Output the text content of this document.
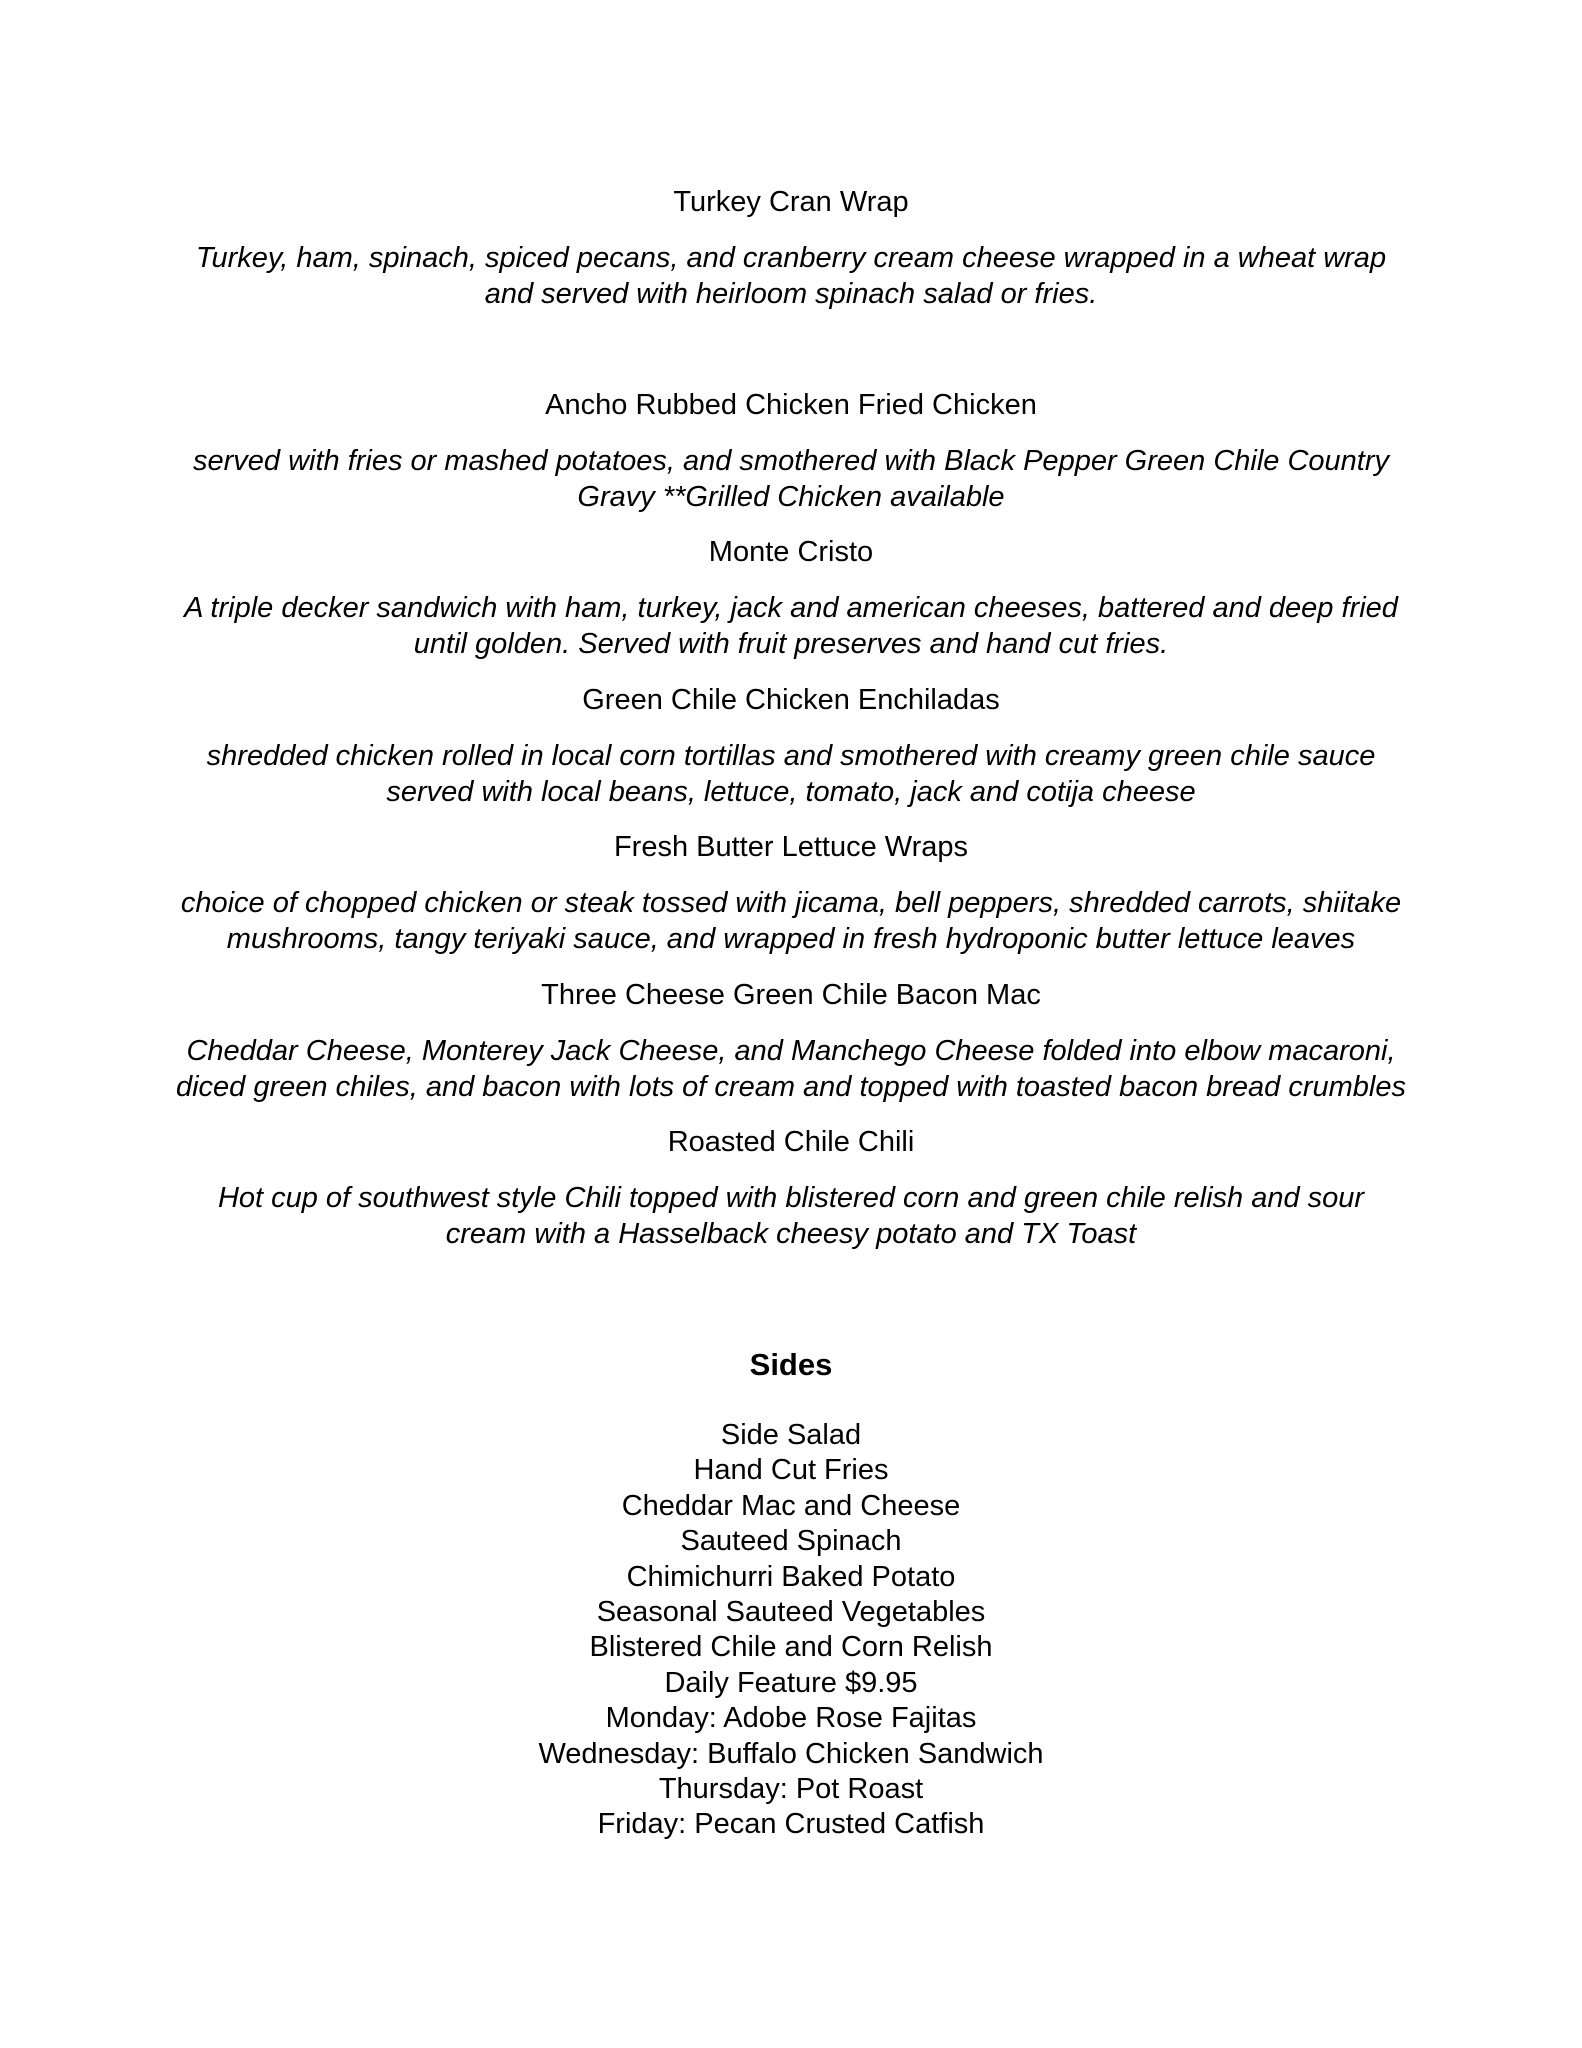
Turkey Cran Wrap
Turkey, ham, spinach, spiced pecans, and cranberry cream cheese wrapped in a wheat wrap
and served with heirloom spinach salad or fries.
Ancho Rubbed Chicken Fried Chicken
served with fries or mashed potatoes, and smothered with Black Pepper Green Chile Country
Gravy **Grilled Chicken available
Monte Cristo
A triple decker sandwich with ham, turkey, jack and american cheeses, battered and deep fried
until golden. Served with fruit preserves and hand cut fries.
Green Chile Chicken Enchiladas
shredded chicken rolled in local corn tortillas and smothered with creamy green chile sauce
served with local beans, lettuce, tomato, jack and cotija cheese
Fresh Butter Lettuce Wraps
choice of chopped chicken or steak tossed with jicama, bell peppers, shredded carrots, shiitake
mushrooms, tangy teriyaki sauce, and wrapped in fresh hydroponic butter lettuce leaves
Three Cheese Green Chile Bacon Mac
Cheddar Cheese, Monterey Jack Cheese, and Manchego Cheese folded into elbow macaroni,
diced green chiles, and bacon with lots of cream and topped with toasted bacon bread crumbles
Roasted Chile Chili
Hot cup of southwest style Chili topped with blistered corn and green chile relish and sour
cream with a Hasselback cheesy potato and TX Toast
Sides
Side Salad
Hand Cut Fries
Cheddar Mac and Cheese
Sauteed Spinach
Chimichurri Baked Potato
Seasonal Sauteed Vegetables
Blistered Chile and Corn Relish
Daily Feature $9.95
Monday: Adobe Rose Fajitas
Wednesday: Buffalo Chicken Sandwich
Thursday: Pot Roast
Friday: Pecan Crusted Catfish
